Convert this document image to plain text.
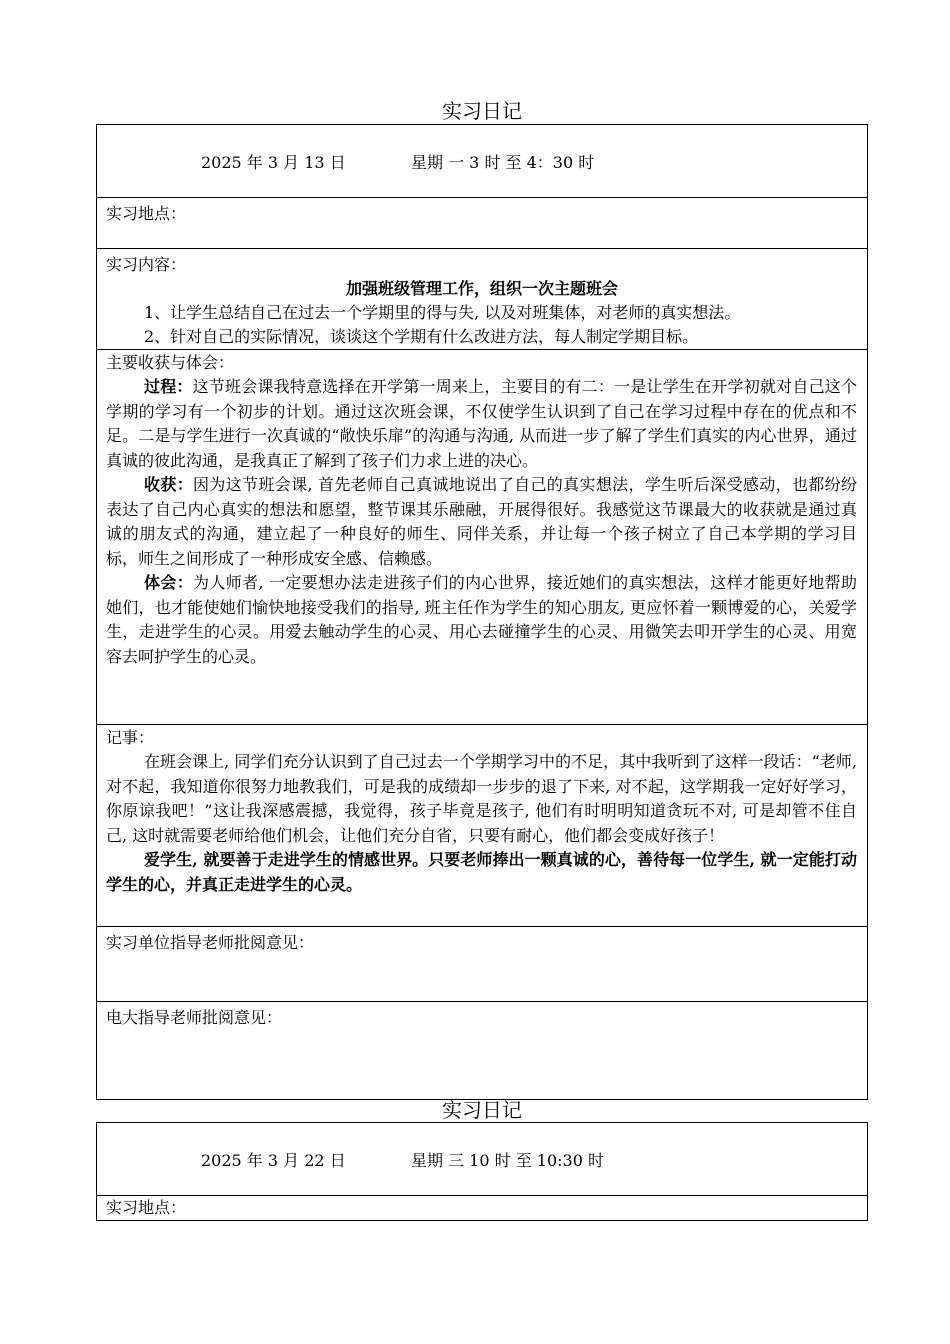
实习日记
2025 年 3 月 13 日	星期 一 3 时 至 4：30 时
实习地点：
实习内容：
加强班级管理工作，组织一次主题班会
1、让学生总结自己在过去一个学期里的得与失, 以及对班集体，对老师的真实想法。
2、针对自己的实际情况，谈谈这个学期有什么改进方法，每人制定学期目标。
主要收获与体会：
过程：这节班会课我特意选择在开学第一周来上，主要目的有二：一是让学生在开学初就对自己这个学期的学习有一个初步的计划。通过这次班会课，不仅使学生认识到了自己在学习过程中存在的优点和不足。二是与学生进行一次真诚的“敞快乐扉”的沟通与沟通, 从而进一步了解了学生们真实的内心世界，通过真诚的彼此沟通，是我真正了解到了孩子们力求上进的决心。
收获：因为这节班会课, 首先老师自己真诚地说出了自己的真实想法，学生听后深受感动，也都纷纷表达了自己内心真实的想法和愿望，整节课其乐融融，开展得很好。我感觉这节课最大的收获就是通过真诚的朋友式的沟通，建立起了一种良好的师生、同伴关系，并让每一个孩子树立了自己本学期的学习目标，师生之间形成了一种形成安全感、信赖感。
体会：为人师者, 一定要想办法走进孩子们的内心世界，接近她们的真实想法，这样才能更好地帮助她们，也才能使她们愉快地接受我们的指导, 班主任作为学生的知心朋友, 更应怀着一颗博爱的心，关爱学生，走进学生的心灵。用爱去触动学生的心灵、用心去碰撞学生的心灵、用微笑去叩开学生的心灵、用宽容去呵护学生的心灵。
记事：
在班会课上, 同学们充分认识到了自己过去一个学期学习中的不足，其中我听到了这样一段话：“老师, 对不起，我知道你很努力地教我们，可是我的成绩却一步步的退了下来, 对不起，这学期我一定好好学习，你原谅我吧！”这让我深感震撼，我觉得，孩子毕竟是孩子, 他们有时明明知道贪玩不对, 可是却管不住自己, 这时就需要老师给他们机会，让他们充分自省，只要有耐心，他们都会变成好孩子！
爱学生, 就要善于走进学生的情感世界。只要老师捧出一颗真诚的心，善待每一位学生, 就一定能打动学生的心，并真正走进学生的心灵。
实习单位指导老师批阅意见：
电大指导老师批阅意见：
实习日记
2025 年 3 月 22 日	星期 三 10 时 至 10:30 时
实习地点：
